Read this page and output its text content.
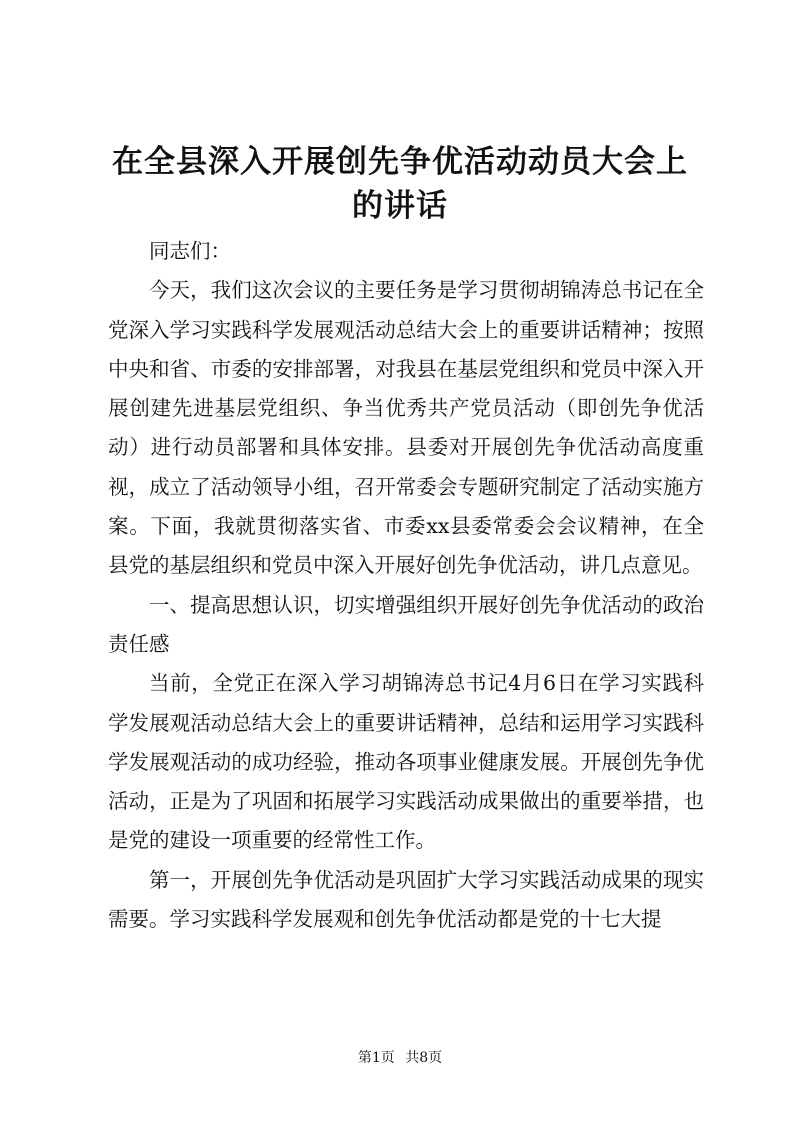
在全县深入开展创先争优活动动员大会上的讲话

同志们：

今天，我们这次会议的主要任务是学习贯彻胡锦涛总书记在全党深入学习实践科学发展观活动总结大会上的重要讲话精神；按照中央和省、市委的安排部署，对我县在基层党组织和党员中深入开展创建先进基层党组织、争当优秀共产党员活动（即创先争优活动）进行动员部署和具体安排。县委对开展创先争优活动高度重视，成立了活动领导小组，召开常委会专题研究制定了活动实施方案。下面，我就贯彻落实省、市委xx县委常委会会议精神，在全县党的基层组织和党员中深入开展好创先争优活动，讲几点意见。

一、提高思想认识，切实增强组织开展好创先争优活动的政治责任感

当前，全党正在深入学习胡锦涛总书记4月6日在学习实践科学发展观活动总结大会上的重要讲话精神，总结和运用学习实践科学发展观活动的成功经验，推动各项事业健康发展。开展创先争优活动，正是为了巩固和拓展学习实践活动成果做出的重要举措，也是党的建设一项重要的经常性工作。

第一，开展创先争优活动是巩固扩大学习实践活动成果的现实需要。学习实践科学发展观和创先争优活动都是党的十七大提

第1页 共8页
